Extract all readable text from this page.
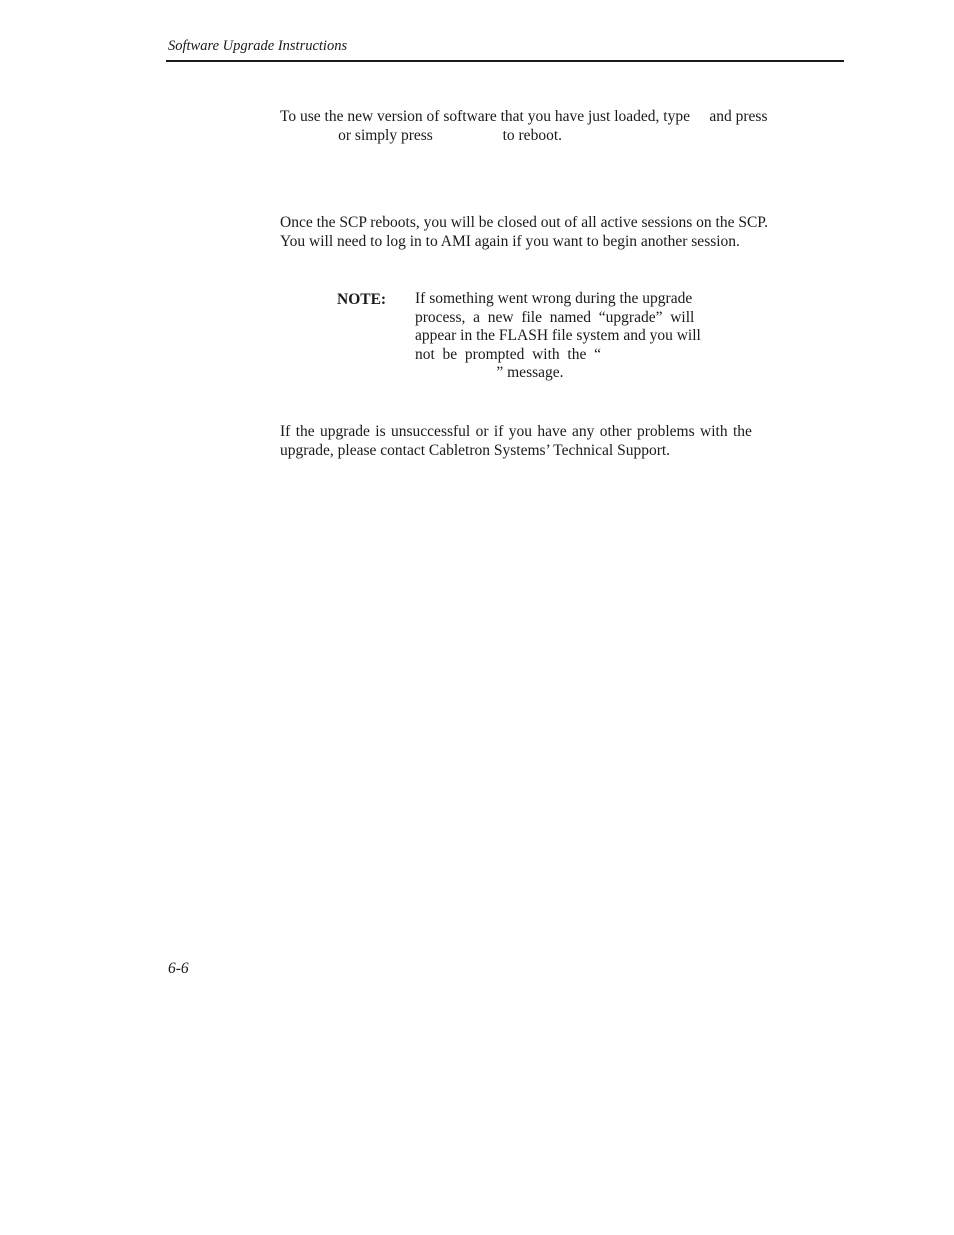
Software Upgrade Instructions

To use the new version of software that you have just loaded, type     and press
or simply press                  to reboot.

Once the SCP reboots, you will be closed out of all active sessions on the SCP.
You will need to log in to AMI again if you want to begin another session.

NOTE: If something went wrong during the upgrade
process,  a  new  file  named  “upgrade”  will
appear in the FLASH file system and you will
not  be  prompted  with  the  “
” message.

If the upgrade is unsuccessful or if you have any other problems with the
upgrade, please contact Cabletron Systems’ Technical Support.

6-6
